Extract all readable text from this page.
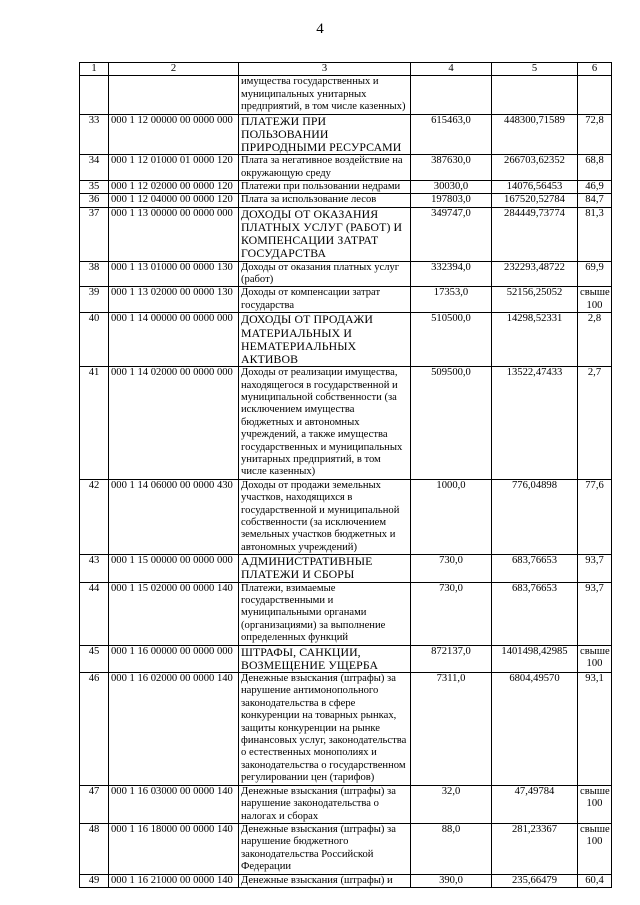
4
1	2	3	4	5	6
		имущества государственных и муниципальных унитарных предприятий, в том числе казенных)			
33	000 1 12 00000 00 0000 000	ПЛАТЕЖИ ПРИ ПОЛЬЗОВАНИИ ПРИРОДНЫМИ РЕСУРСАМИ	615463,0	448300,71589	72,8
34	000 1 12 01000 01 0000 120	Плата за негативное воздействие на окружающую среду	387630,0	266703,62352	68,8
35	000 1 12 02000 00 0000 120	Платежи при пользовании недрами	30030,0	14076,56453	46,9
36	000 1 12 04000 00 0000 120	Плата за использование лесов	197803,0	167520,52784	84,7
37	000 1 13 00000 00 0000 000	ДОХОДЫ ОТ ОКАЗАНИЯ ПЛАТНЫХ УСЛУГ (РАБОТ) И КОМПЕНСАЦИИ ЗАТРАТ ГОСУДАРСТВА	349747,0	284449,73774	81,3
38	000 1 13 01000 00 0000 130	Доходы от оказания платных услуг (работ)	332394,0	232293,48722	69,9
39	000 1 13 02000 00 0000 130	Доходы от компенсации затрат государства	17353,0	52156,25052	свыше 100
40	000 1 14 00000 00 0000 000	ДОХОДЫ ОТ ПРОДАЖИ МАТЕРИАЛЬНЫХ И НЕМАТЕРИАЛЬНЫХ АКТИВОВ	510500,0	14298,52331	2,8
41	000 1 14 02000 00 0000 000	Доходы от реализации имущества, находящегося в государственной и муниципальной собственности (за исключением имущества бюджетных и автономных учреждений, а также имущества государственных и муниципальных унитарных предприятий, в том числе казенных)	509500,0	13522,47433	2,7
42	000 1 14 06000 00 0000 430	Доходы от продажи земельных участков, находящихся в государственной и муниципальной собственности (за исключением земельных участков бюджетных и автономных учреждений)	1000,0	776,04898	77,6
43	000 1 15 00000 00 0000 000	АДМИНИСТРАТИВНЫЕ ПЛАТЕЖИ И СБОРЫ	730,0	683,76653	93,7
44	000 1 15 02000 00 0000 140	Платежи, взимаемые государственными и муниципальными органами (организациями) за выполнение определенных функций	730,0	683,76653	93,7
45	000 1 16 00000 00 0000 000	ШТРАФЫ, САНКЦИИ, ВОЗМЕЩЕНИЕ УЩЕРБА	872137,0	1401498,42985	свыше 100
46	000 1 16 02000 00 0000 140	Денежные взыскания (штрафы) за нарушение антимонопольного законодательства в сфере конкуренции на товарных рынках, защиты конкуренции на рынке финансовых услуг, законодательства о естественных монополиях и законодательства о государственном регулировании цен (тарифов)	7311,0	6804,49570	93,1
47	000 1 16 03000 00 0000 140	Денежные взыскания (штрафы) за нарушение законодательства о налогах и сборах	32,0	47,49784	свыше 100
48	000 1 16 18000 00 0000 140	Денежные взыскания (штрафы) за нарушение бюджетного законодательства Российской Федерации	88,0	281,23367	свыше 100
49	000 1 16 21000 00 0000 140	Денежные взыскания (штрафы) и	390,0	235,66479	60,4
